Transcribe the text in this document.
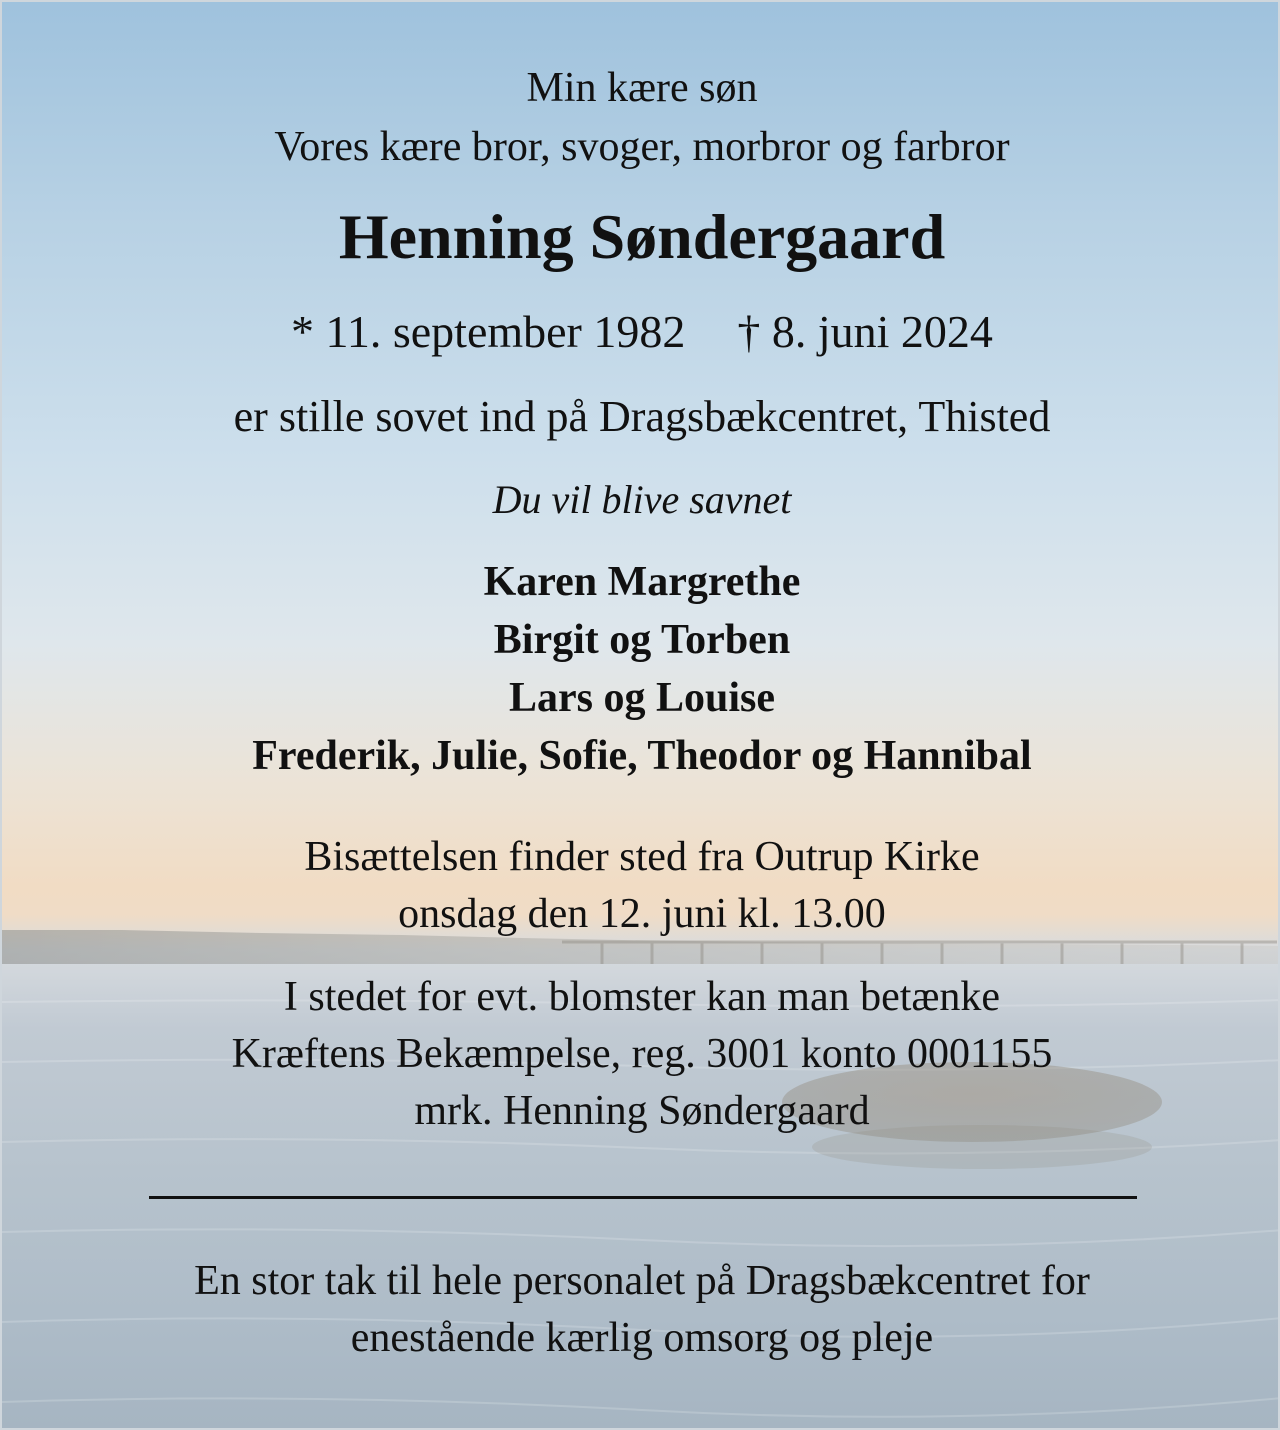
Min kære søn
Vores kære bror, svoger, morbror og farbror
Henning Søndergaard
* 11. september 1982 † 8. juni 2024
er stille sovet ind på Dragsbækcentret, Thisted
Du vil blive savnet
Karen Margrethe
Birgit og Torben
Lars og Louise
Frederik, Julie, Sofie, Theodor og Hannibal
Bisættelsen finder sted fra Outrup Kirke
onsdag den 12. juni kl. 13.00
I stedet for evt. blomster kan man betænke
Kræftens Bekæmpelse, reg. 3001 konto 0001155
mrk. Henning Søndergaard
En stor tak til hele personalet på Dragsbækcentret for
enestående kærlig omsorg og pleje
